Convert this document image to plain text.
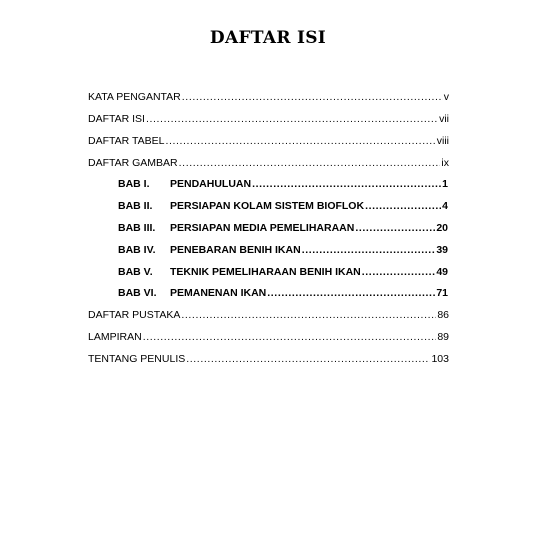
DAFTAR ISI
KATA PENGANTAR .....	v
DAFTAR ISI .....	vii
DAFTAR TABEL .....	viii
DAFTAR GAMBAR .....	ix
BAB I.	PENDAHULUAN .....	1
BAB II.	PERSIAPAN KOLAM SISTEM BIOFLOK .....	4
BAB III.	PERSIAPAN MEDIA PEMELIHARAAN .....	20
BAB IV.	PENEBARAN BENIH IKAN .....	39
BAB V.	TEKNIK PEMELIHARAAN BENIH IKAN .....	49
BAB VI.	PEMANENAN IKAN .....	71
DAFTAR PUSTAKA .....	86
LAMPIRAN .....	89
TENTANG PENULIS .....	103
